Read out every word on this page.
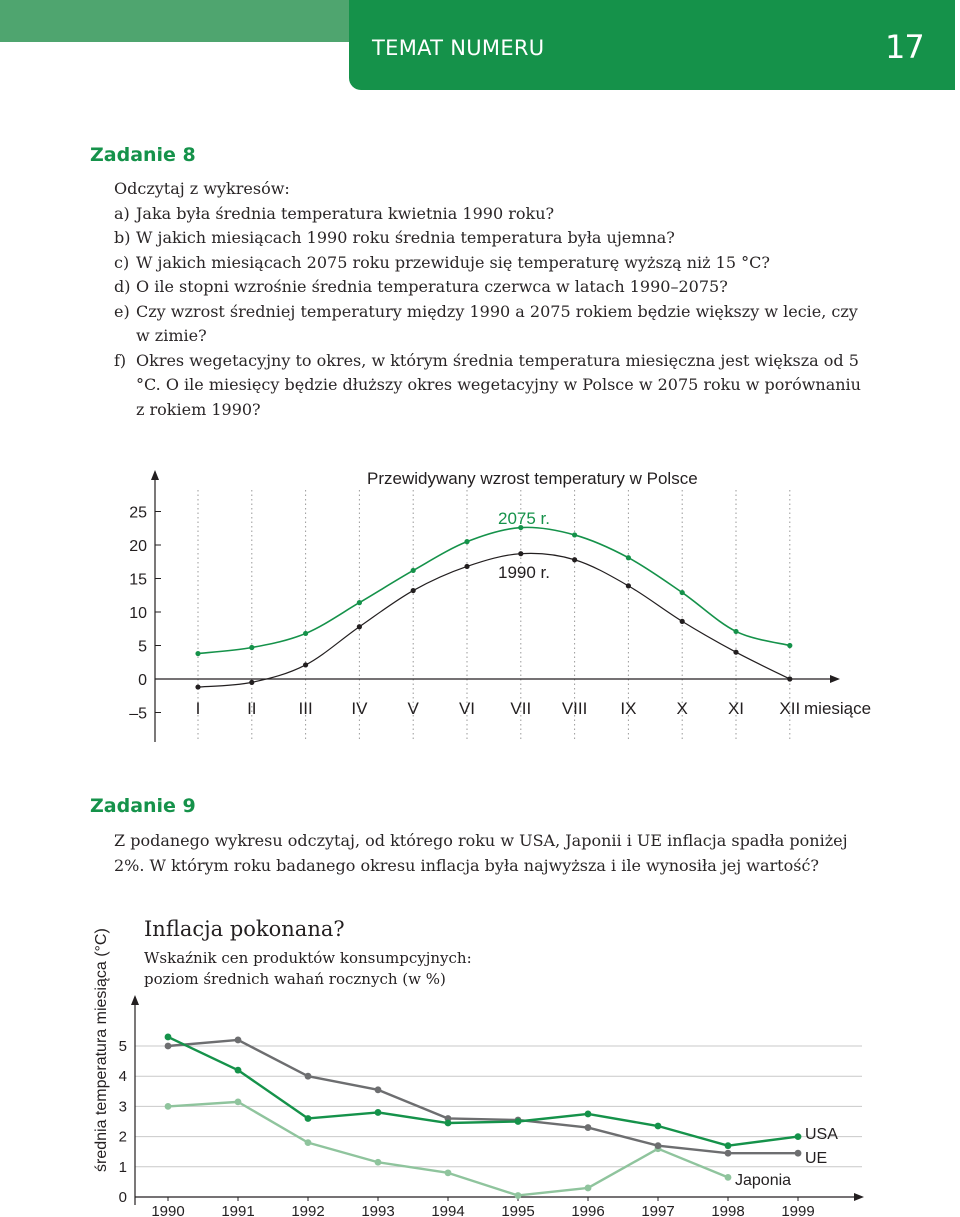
TEMAT NUMERU	17
Zadanie 8

Odczytaj z wykresów:

a) Jaka była średnia temperatura kwietnia 1990 roku?
b) W jakich miesiącach 1990 roku średnia temperatura była ujemna?
c) W jakich miesiącach 2075 roku przewiduje się temperaturę wyższą niż 15 °C?
d) O ile stopni wzrośnie średnia temperatura czerwca w latach 1990–2075?
e) Czy wzrost średniej temperatury między 1990 a 2075 rokiem będzie większy w lecie, czy w zimie?
f) Okres wegetacyjny to okres, w którym średnia temperatura miesięczna jest większa od 5 °C. O ile miesięcy będzie dłuższy okres wegetacyjny w Polsce w 2075 roku w porównaniu z rokiem 1990?
Przewidywany wzrost temperatury w Polsce
średnia temperatura miesiąca (°C)
miesiące
25
20
15
10
5
0
–5	I	II III IV V VI VII VIII IX X XI XII
2075 r.
1990 r.
Zadanie 9
Z podanego wykresu odczytaj, od którego roku w USA, Japonii i UE inflacja spadła poniżej 2%. W którym roku badanego okresu inflacja była najwyższa i ile wynosiła jej wartość?
Inflacja pokonana?
Wskaźnik cen produktów konsumpcyjnych:
poziom średnich wahań rocznych (w %)
5
4
3
2
1
0
1990 1991 1992 1993 1994 1995 1996 1997 1998 1999
USA
UE
Japonia
